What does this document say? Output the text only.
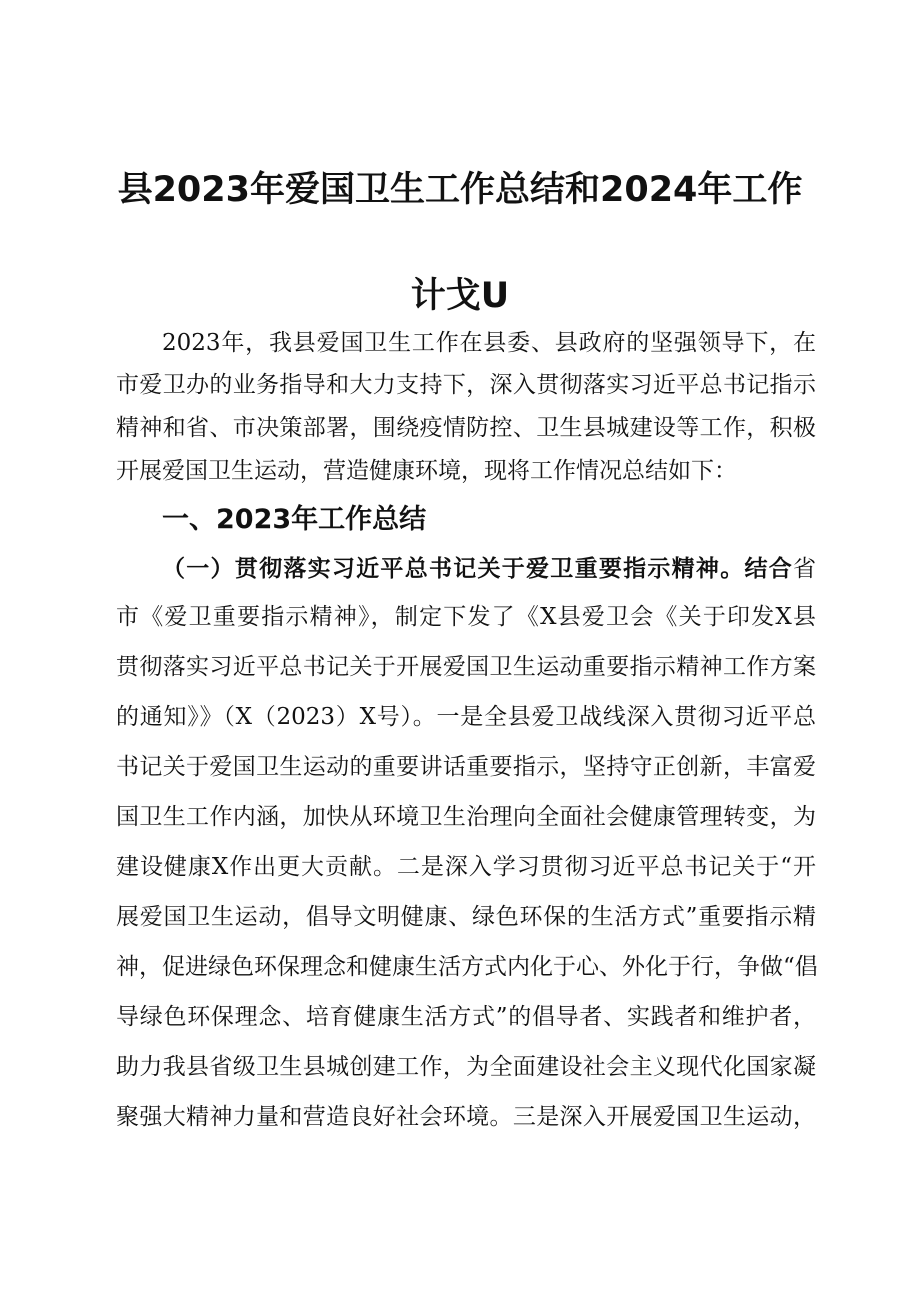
县2023年爱国卫生工作总结和2024年工作
计戈U
2023年，我县爱国卫生工作在县委、县政府的坚强领导下，在
市爱卫办的业务指导和大力支持下，深入贯彻落实习近平总书记指示
精神和省、市决策部署，围绕疫情防控、卫生县城建设等工作，积极
开展爱国卫生运动，营造健康环境，现将工作情况总结如下：
一、2023年工作总结
（一）贯彻落实习近平总书记关于爱卫重要指示精神。结合省
市《爱卫重要指示精神》，制定下发了《X县爱卫会《关于印发X县
贯彻落实习近平总书记关于开展爱国卫生运动重要指示精神工作方案
的通知》》（X（2023）X号）。一是全县爱卫战线深入贯彻习近平总
书记关于爱国卫生运动的重要讲话重要指示，坚持守正创新，丰富爱
国卫生工作内涵，加快从环境卫生治理向全面社会健康管理转变，为
建设健康X作出更大贡献。二是深入学习贯彻习近平总书记关于“开
展爱国卫生运动，倡导文明健康、绿色环保的生活方式”重要指示精
神，促进绿色环保理念和健康生活方式内化于心、外化于行，争做“倡
导绿色环保理念、培育健康生活方式”的倡导者、实践者和维护者，
助力我县省级卫生县城创建工作，为全面建设社会主义现代化国家凝
聚强大精神力量和营造良好社会环境。三是深入开展爱国卫生运动，
